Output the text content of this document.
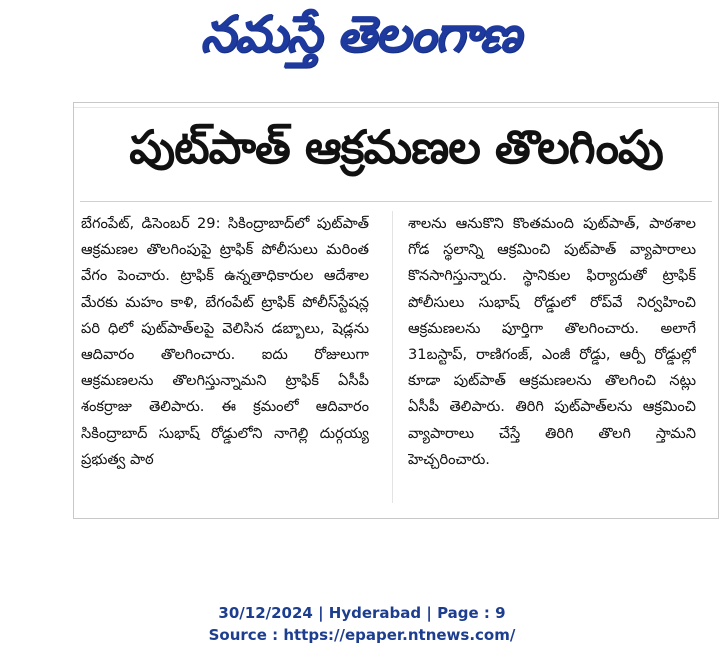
నమస్తే తెలంగాణ
పుట్‌పాత్ ఆక్రమణల తొలగింపు
బేగంపేట్, డిసెంబర్ 29: సికింద్రాబాద్‌లో పుట్‌పాత్ ఆక్రమణల తొలగింపుపై ట్రాఫిక్ పోలీసులు మరింత వేగం పెంచారు. ట్రాఫిక్ ఉన్నతాధికారుల ఆదేశాల మేరకు మహం కాళి, బేగంపేట్ ట్రాఫిక్ పోలీస్‌స్టేషన్ల పరి ధిలో పుట్‌పాత్‌లపై వెలిసిన డబ్బాలు, షెడ్లను ఆదివారం తొలగించారు. ఐదు రోజులుగా ఆక్రమణలను తొలగిస్తున్నామని ట్రాఫిక్ ఏసీపీ శంకర్రాజు తెలిపారు. ఈ క్రమంలో ఆదివారం సికింద్రాబాద్ సుభాష్ రోడ్డులోని నాగెల్లి దుర్గయ్య ప్రభుత్వ పాఠ
శాలను ఆనుకొని కొంతమంది పుట్‌పాత్, పాఠశాల గోడ స్థలాన్ని ఆక్రమించి పుట్‌పాత్ వ్యాపారాలు కొనసాగిస్తున్నారు. స్థానికుల ఫిర్యాదుతో ట్రాఫిక్ పోలీసులు సుభాష్ రోడ్డులో రోప్‌వే నిర్వహించి ఆక్రమణలను పూర్తిగా తొలగించారు. అలాగే 31బస్టాప్, రాణిగంజ్, ఎంజీ రోడ్డు, ఆర్పీ రోడ్డుల్లో కూడా పుట్‌పాత్ ఆక్రమణలను తొలగించి నట్లు ఏసీపీ తెలిపారు. తిరిగి పుట్‌పాత్‌లను ఆక్రమించి వ్యాపారాలు చేస్తే తిరిగి తొలగి స్తామని హెచ్చరించారు.
30/12/2024 | Hyderabad | Page : 9
Source : https://epaper.ntnews.com/
